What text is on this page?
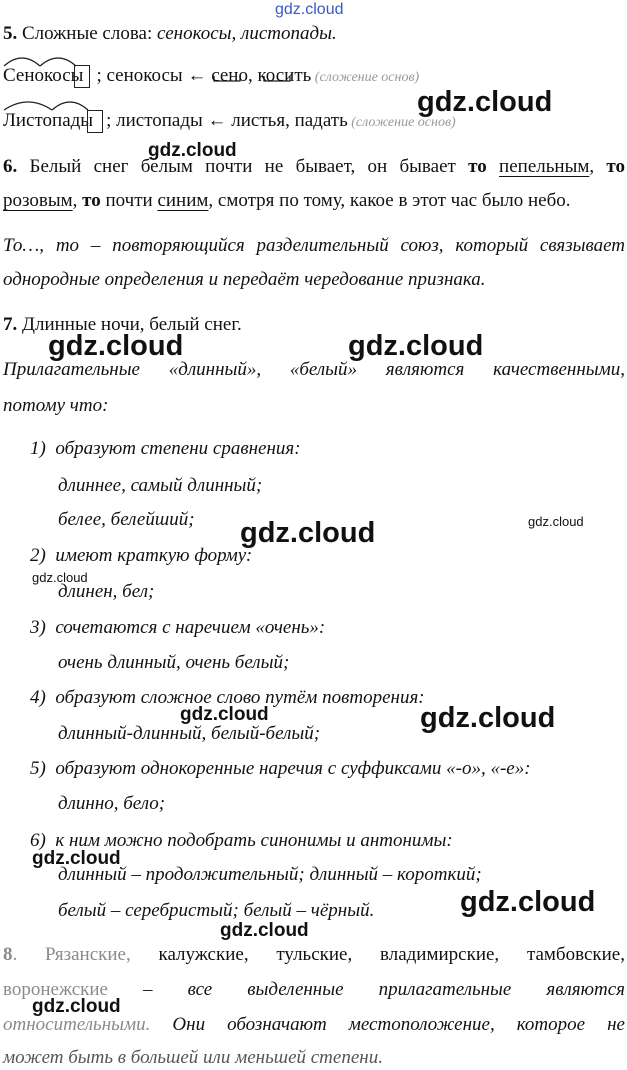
gdz.cloud
gdz.cloud
gdz.cloud
gdz.cloud	gdz.cloud
gdz.cloud	gdz.cloud
gdz.cloud
gdz.cloud	gdz.cloud
gdz.cloud
gdz.cloud
gdz.cloud
gdz.cloud
5. Сложные слова: сенокосы, листопады.
Сенокосы ; сенокосы ← сено, косить (сложение основ)
Листопады ; листопады ← листья, падать (сложение основ)
6. Белый снег белым почти не бывает, он бывает то пепельным, то
розовым, то почти синим, смотря по тому, какое в этот час было небо.
То…, то – повторяющийся разделительный союз, который связывает
однородные определения и передаёт чередование признака.
7. Длинные ночи, белый снег.
Прилагательные «длинный», «белый» являются качественными,
потому что:
1) образуют степени сравнения:
длиннее, самый длинный;
белее, белейший;
2) имеют краткую форму:
длинен, бел;
3) сочетаются с наречием «очень»:
очень длинный, очень белый;
4) образуют сложное слово путём повторения:
длинный-длинный, белый-белый;
5) образуют однокоренные наречия с суффиксами «-о», «-е»:
длинно, бело;
6) к ним можно подобрать синонимы и антонимы:
длинный – продолжительный; длинный – короткий;
белый – серебристый; белый – чёрный.
8. Рязанские, калужские, тульские, владимирские, тамбовские,
воронежские – все выделенные прилагательные являются
относительными. Они обозначают местоположение, которое не
может быть в большей или меньшей степени.
